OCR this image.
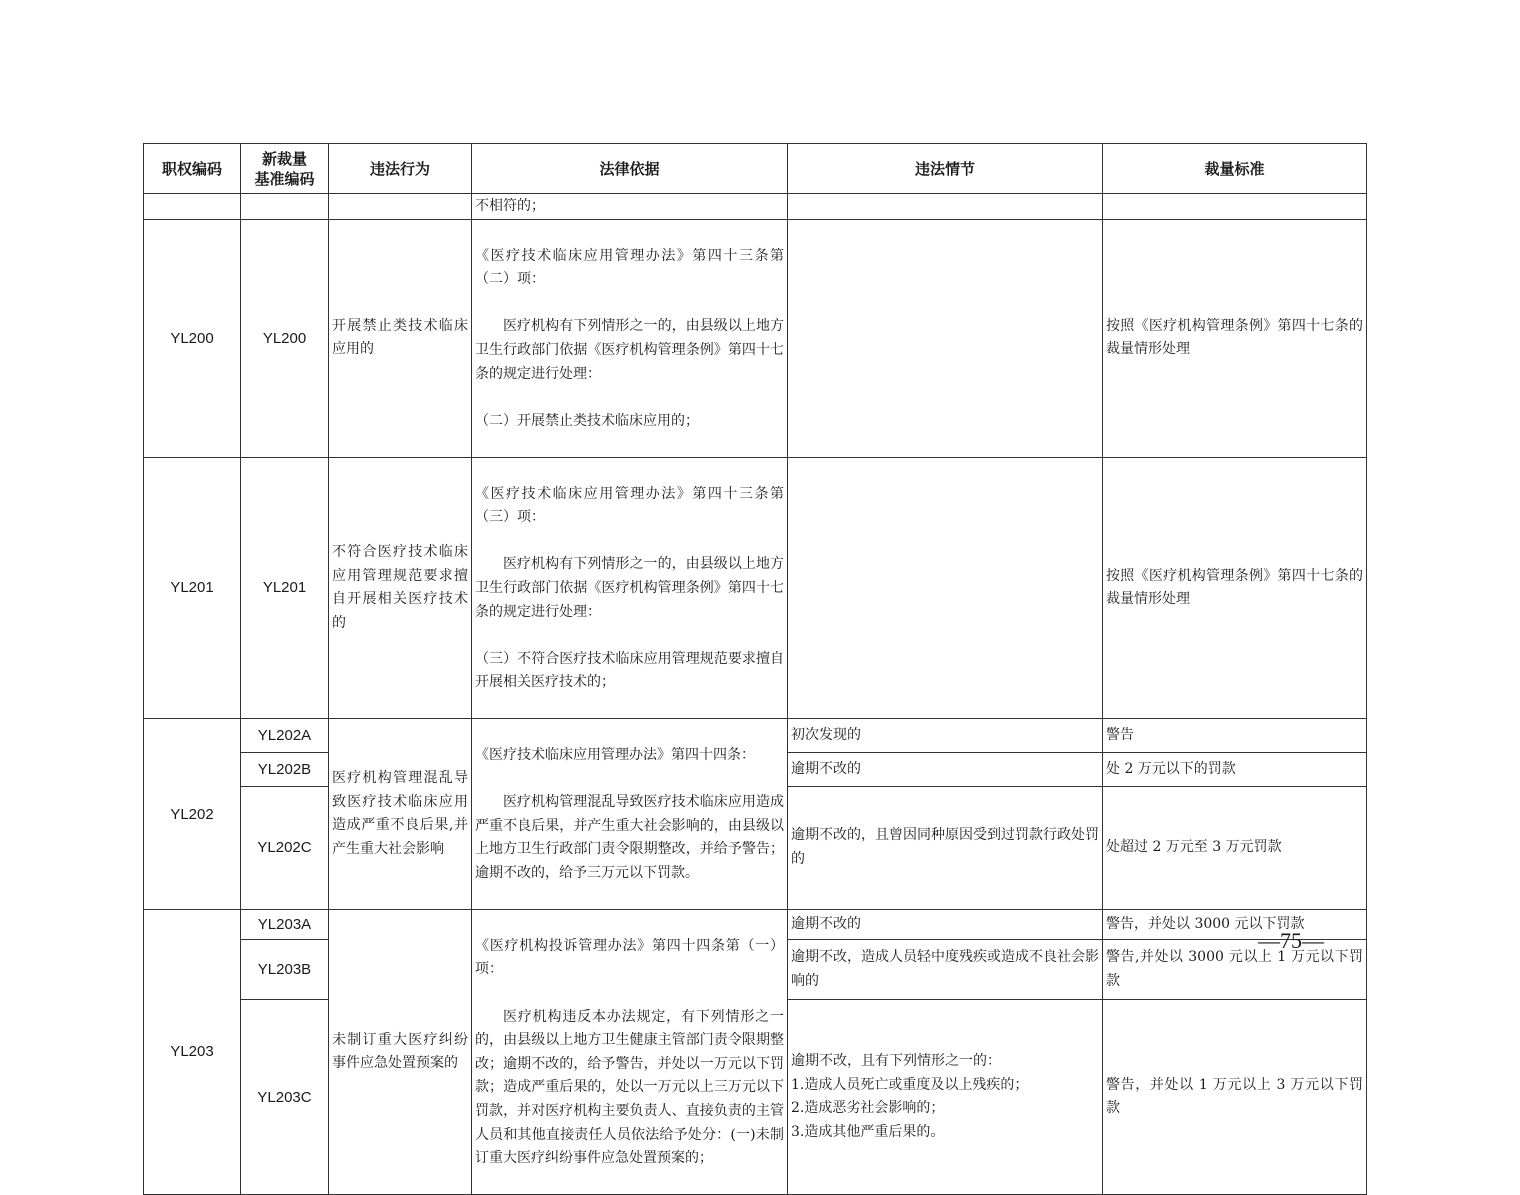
职权编码	新裁量
基准编码	违法行为	法律依据	违法情节	裁量标准
			不相符的；		
YL200	YL200	开展禁止类技术临床应用的	《医疗技术临床应用管理办法》第四十三条第（二）项：

医疗机构有下列情形之一的，由县级以上地方卫生行政部门依据《医疗机构管理条例》第四十七条的规定进行处理：

（二）开展禁止类技术临床应用的；		按照《医疗机构管理条例》第四十七条的裁量情形处理
YL201	YL201	不符合医疗技术临床应用管理规范要求擅自开展相关医疗技术的	《医疗技术临床应用管理办法》第四十三条第（三）项：

医疗机构有下列情形之一的，由县级以上地方卫生行政部门依据《医疗机构管理条例》第四十七条的规定进行处理：

（三）不符合医疗技术临床应用管理规范要求擅自开展相关医疗技术的；		按照《医疗机构管理条例》第四十七条的裁量情形处理
YL202	YL202A	医疗机构管理混乱导致医疗技术临床应用造成严重不良后果,并产生重大社会影响	《医疗技术临床应用管理办法》第四十四条：

医疗机构管理混乱导致医疗技术临床应用造成严重不良后果，并产生重大社会影响的，由县级以上地方卫生行政部门责令限期整改，并给予警告；逾期不改的，给予三万元以下罚款。	初次发现的	警告
	YL202B			逾期不改的	处 2 万元以下的罚款
	YL202C			逾期不改的，且曾因同种原因受到过罚款行政处罚的	处超过 2 万元至 3 万元罚款
YL203	YL203A	未制订重大医疗纠纷事件应急处置预案的	《医疗机构投诉管理办法》第四十四条第（一）项：

医疗机构违反本办法规定，有下列情形之一的，由县级以上地方卫生健康主管部门责令限期整改；逾期不改的，给予警告，并处以一万元以下罚款；造成严重后果的，处以一万元以上三万元以下罚款，并对医疗机构主要负责人、直接负责的主管人员和其他直接责任人员依法给予处分：(一)未制订重大医疗纠纷事件应急处置预案的；	逾期不改的	警告，并处以 3000 元以下罚款
	YL203B			逾期不改，造成人员轻中度残疾或造成不良社会影响的	警告,并处以 3000 元以上 1 万元以下罚款
	YL203C			逾期不改，且有下列情形之一的：
1.造成人员死亡或重度及以上残疾的；
2.造成恶劣社会影响的；
3.造成其他严重后果的。	警告，并处以 1 万元以上 3 万元以下罚款
—75—
